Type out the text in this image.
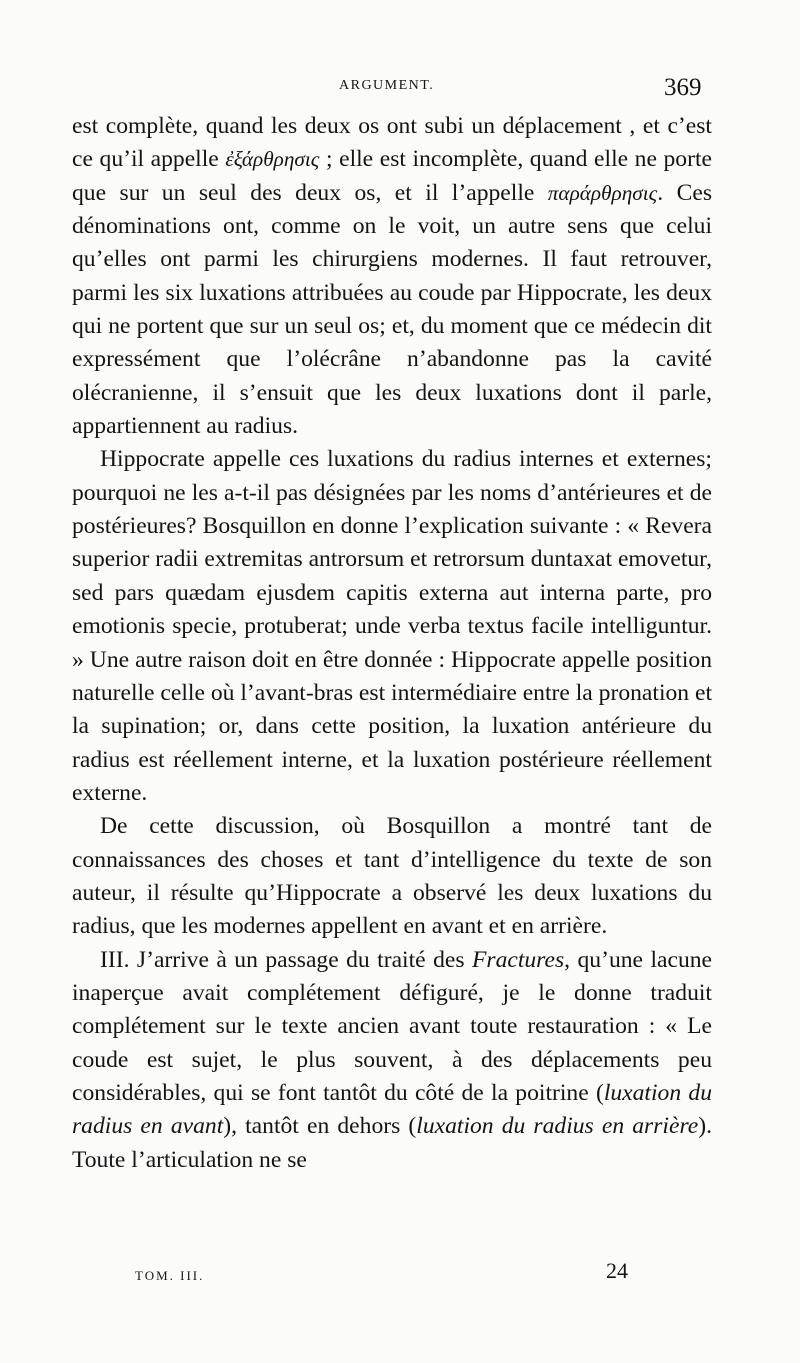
ARGUMENT.	369

est complète, quand les deux os ont subi un déplacement , et c’est ce qu’il appelle ἐξάρθρησις ; elle est incomplète, quand elle ne porte que sur un seul des deux os, et il l’appelle παράρθρησις. Ces dénominations ont, comme on le voit, un autre sens que celui qu’elles ont parmi les chirurgiens modernes. Il faut retrouver, parmi les six luxations attribuées au coude par Hippocrate, les deux qui ne portent que sur un seul os; et, du moment que ce médecin dit expressément que l’olécrâne n’abandonne pas la cavité olécranienne, il s’ensuit que les deux luxations dont il parle, appartiennent au radius.

Hippocrate appelle ces luxations du radius internes et externes; pourquoi ne les a-t-il pas désignées par les noms d’antérieures et de postérieures? Bosquillon en donne l’explication suivante : « Revera superior radii extremitas antrorsum et retrorsum duntaxat emovetur, sed pars quædam ejusdem capitis externa aut interna parte, pro emotionis specie, protuberat; unde verba textus facile intelliguntur. » Une autre raison doit en être donnée : Hippocrate appelle position naturelle celle où l’avant-bras est intermédiaire entre la pronation et la supination; or, dans cette position, la luxation antérieure du radius est réellement interne, et la luxation postérieure réellement externe.

De cette discussion, où Bosquillon a montré tant de connaissances des choses et tant d’intelligence du texte de son auteur, il résulte qu’Hippocrate a observé les deux luxations du radius, que les modernes appellent en avant et en arrière.

III. J’arrive à un passage du traité des Fractures, qu’une lacune inaperçue avait complétement défiguré, je le donne traduit complétement sur le texte ancien avant toute restauration : « Le coude est sujet, le plus souvent, à des déplacements peu considérables, qui se font tantôt du côté de la poitrine (luxation du radius en avant), tantôt en dehors (luxation du radius en arrière). Toute l’articulation ne se

TOM. III.	24
